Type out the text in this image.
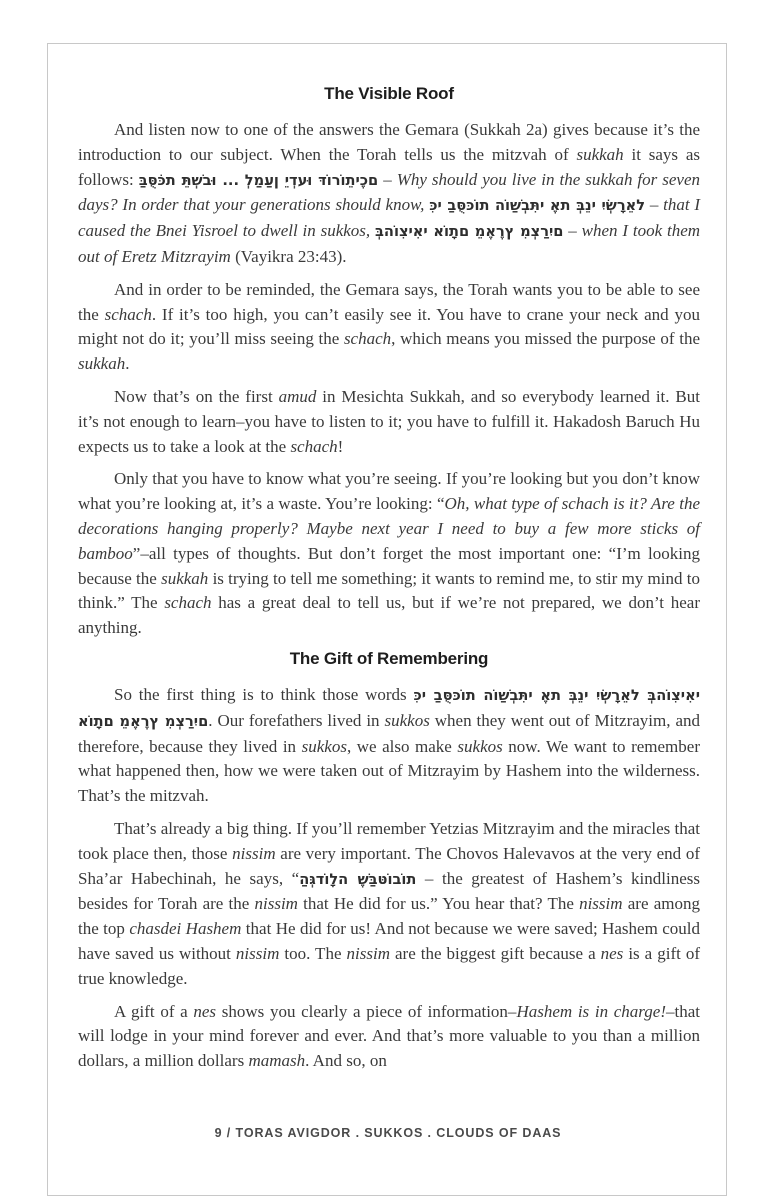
The Visible Roof

And listen now to one of the answers the Gemara (Sukkah 2a) gives because it’s the introduction to our subject. When the Torah tells us the mitzvah of sukkah it says as follows: בַּסֻּכֹּת תֵּשְׁבוּ ... לְמַעַן יֵדְעוּ דּוֹרוֹתֵיכֶם – Why should you live in the sukkah for seven days? In order that your generations should know, כִּי בַסֻּכּוֹת הוֹשַׁבְתִּי אֶת בְּנֵי יִשְׂרָאֵל – that I caused the Bnei Yisroel to dwell in sukkos, בְּהוֹצִיאִי אוֹתָם מֵאֶרֶץ מִצְרַיִם – when I took them out of Eretz Mitzrayim (Vayikra 23:43).

And in order to be reminded, the Gemara says, the Torah wants you to be able to see the schach. If it’s too high, you can’t easily see it. You have to crane your neck and you might not do it; you’ll miss seeing the schach, which means you missed the purpose of the sukkah.

Now that’s on the first amud in Mesichta Sukkah, and so everybody learned it. But it’s not enough to learn–you have to listen to it; you have to fulfill it. Hakadosh Baruch Hu expects us to take a look at the schach!

Only that you have to know what you’re seeing. If you’re looking but you don’t know what you’re looking at, it’s a waste. You’re looking: “Oh, what type of schach is it? Are the decorations hanging properly? Maybe next year I need to buy a few more sticks of bamboo”–all types of thoughts. But don’t forget the most important one: “I’m looking because the sukkah is trying to tell me something; it wants to remind me, to stir my mind to think.” The schach has a great deal to tell us, but if we’re not prepared, we don’t hear anything.

The Gift of Remembering

So the first thing is to think those words כִּי בַסֻּכּוֹת הוֹשַׁבְתִּי אֶת בְּנֵי יִשְׂרָאֵל בְּהוֹצִיאִי אוֹתָם מֵאֶרֶץ מִצְרַיִם. Our forefathers lived in sukkos when they went out of Mitzrayim, and therefore, because they lived in sukkos, we also make sukkos now. We want to remember what happened then, how we were taken out of Mitzrayim by Hashem into the wilderness. That’s the mitzvah.

That’s already a big thing. If you’ll remember Yetzias Mitzrayim and the miracles that took place then, those nissim are very important. The Chovos Halevavos at the very end of Sha’ar Habechinah, he says, “הַגְּדוֹלָה שֶׁבַּטּוֹבוֹת – the greatest of Hashem’s kindliness besides for Torah are the nissim that He did for us.” You hear that? The nissim are among the top chasdei Hashem that He did for us! And not because we were saved; Hashem could have saved us without nissim too. The nissim are the biggest gift because a nes is a gift of true knowledge.

A gift of a nes shows you clearly a piece of information–Hashem is in charge!–that will lodge in your mind forever and ever. And that’s more valuable to you than a million dollars, a million dollars mamash. And so, on

9 / TORAS AVIGDOR . SUKKOS . CLOUDS OF DAAS
